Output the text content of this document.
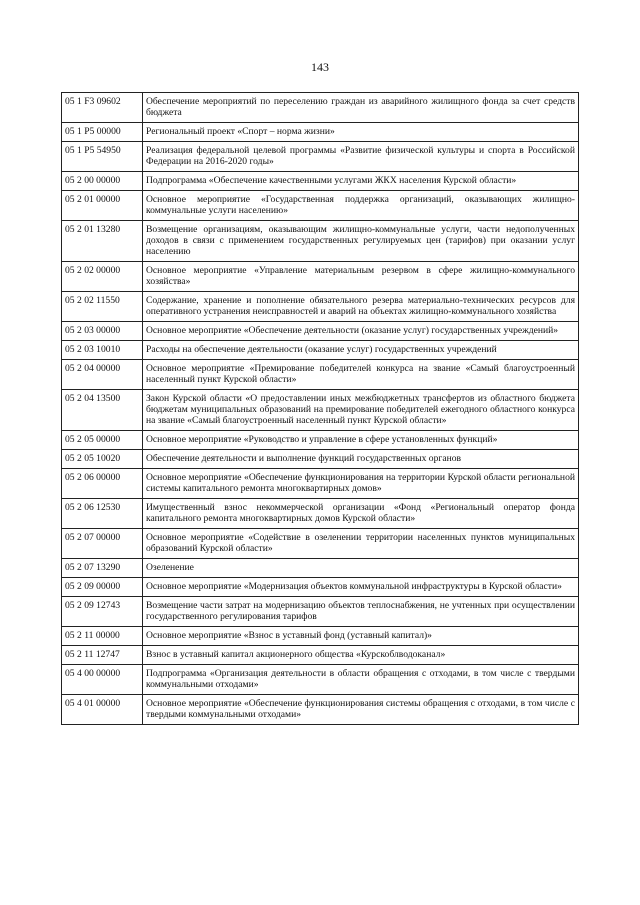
143
05 1 F3 09602	Обеспечение мероприятий по переселению граждан из аварийного жилищного фонда за счет средств бюджета
05 1 P5 00000	Региональный проект «Спорт – норма жизни»
05 1 P5 54950	Реализация федеральной целевой программы «Развитие физической культуры и спорта в Российской Федерации на 2016-2020 годы»
05 2 00 00000	Подпрограмма «Обеспечение качественными услугами ЖКХ населения Курской области»
05 2 01 00000	Основное мероприятие «Государственная поддержка организаций, оказывающих жилищно-коммунальные услуги населению»
05 2 01 13280	Возмещение организациям, оказывающим жилищно-коммунальные услуги, части недополученных доходов в связи с применением государственных регулируемых цен (тарифов) при оказании услуг населению
05 2 02 00000	Основное мероприятие «Управление материальным резервом в сфере жилищно-коммунального хозяйства»
05 2 02 11550	Содержание, хранение и пополнение обязательного резерва материально-технических ресурсов для оперативного устранения неисправностей и аварий на объектах жилищно-коммунального хозяйства
05 2 03 00000	Основное мероприятие «Обеспечение деятельности (оказание услуг) государственных учреждений»
05 2 03 10010	Расходы на обеспечение деятельности (оказание услуг) государственных учреждений
05 2 04 00000	Основное мероприятие «Премирование победителей конкурса на звание «Самый благоустроенный населенный пункт Курской области»
05 2 04 13500	Закон Курской области «О предоставлении иных межбюджетных трансфертов из областного бюджета бюджетам муниципальных образований на премирование победителей ежегодного областного конкурса на звание «Самый благоустроенный населенный пункт Курской области»
05 2 05 00000	Основное мероприятие «Руководство и управление в сфере установленных функций»
05 2 05 10020	Обеспечение деятельности и выполнение функций государственных органов
05 2 06 00000	Основное мероприятие «Обеспечение функционирования на территории Курской области региональной системы капитального ремонта многоквартирных домов»
05 2 06 12530	Имущественный взнос некоммерческой организации «Фонд «Региональный оператор фонда капитального ремонта многоквартирных домов Курской области»
05 2 07 00000	Основное мероприятие «Содействие в озеленении территории населенных пунктов муниципальных образований Курской области»
05 2 07 13290	Озеленение
05 2 09 00000	Основное мероприятие «Модернизация объектов коммунальной инфраструктуры в Курской области»
05 2 09 12743	Возмещение части затрат на модернизацию объектов теплоснабжения, не учтенных при осуществлении государственного регулирования тарифов
05 2 11 00000	Основное мероприятие «Взнос в уставный фонд (уставный капитал)»
05 2 11 12747	Взнос в уставный капитал акционерного общества «Курскоблводоканал»
05 4 00 00000	Подпрограмма «Организация деятельности в области обращения с отходами, в том числе с твердыми коммунальными отходами»
05 4 01 00000	Основное мероприятие «Обеспечение функционирования системы обращения с отходами, в том числе с твердыми коммунальными отходами»
